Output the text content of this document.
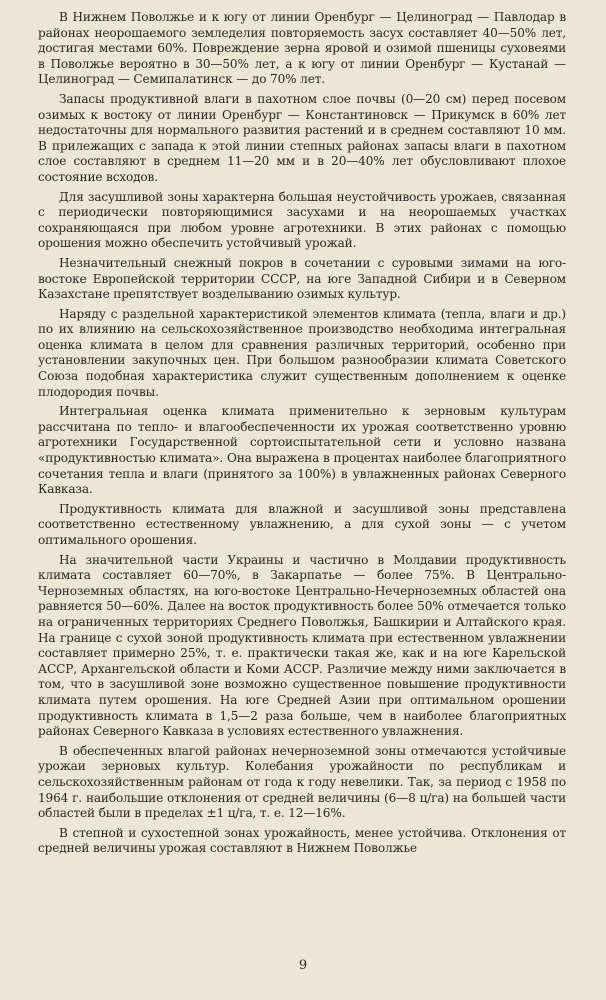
В Нижнем Поволжье и к югу от линии Оренбург — Целиноград — Павлодар в районах неорошаемого земледелия повторяемость засух составляет 40—50% лет, достигая местами 60%. Повреждение зерна яровой и озимой пшеницы суховеями в Поволжье вероятно в 30—50% лет, а к югу от линии Оренбург — Кустанай — Целиноград — Семипалатинск — до 70% лет.

Запасы продуктивной влаги в пахотном слое почвы (0—20 см) перед посевом озимых к востоку от линии Оренбург — Константиновск — Прикумск в 60% лет недостаточны для нормального развития растений и в среднем составляют 10 мм. В прилежащих с запада к этой линии степных районах запасы влаги в пахотном слое составляют в среднем 11—20 мм и в 20—40% лет обусловливают плохое состояние всходов.

Для засушливой зоны характерна большая неустойчивость урожаев, связанная с периодически повторяющимися засухами и на неорошаемых участках сохраняющаяся при любом уровне агротехники. В этих районах с помощью орошения можно обеспечить устойчивый урожай.

Незначительный снежный покров в сочетании с суровыми зимами на юго-востоке Европейской территории СССР, на юге Западной Сибири и в Северном Казахстане препятствует возделыванию озимых культур.

Наряду с раздельной характеристикой элементов климата (тепла, влаги и др.) по их влиянию на сельскохозяйственное производство необходима интегральная оценка климата в целом для сравнения различных территорий, особенно при установлении закупочных цен. При большом разнообразии климата Советского Союза подобная характеристика служит существенным дополнением к оценке плодородия почвы.

Интегральная оценка климата применительно к зерновым культурам рассчитана по тепло- и влагообеспеченности их урожая соответственно уровню агротехники Государственной сортоиспытательной сети и условно названа «продуктивностью климата». Она выражена в процентах наиболее благоприятного сочетания тепла и влаги (принятого за 100%) в увлажненных районах Северного Кавказа.

Продуктивность климата для влажной и засушливой зоны представлена соответственно естественному увлажнению, а для сухой зоны — с учетом оптимального орошения.

На значительной части Украины и частично в Молдавии продуктивность климата составляет 60—70%, в Закарпатье — более 75%. В Центрально-Черноземных областях, на юго-востоке Центрально-Нечерноземных областей она равняется 50—60%. Далее на восток продуктивность более 50% отмечается только на ограниченных территориях Среднего Поволжья, Башкирии и Алтайского края. На границе с сухой зоной продуктивность климата при естественном увлажнении составляет примерно 25%, т. е. практически такая же, как и на юге Карельской АССР, Архангельской области и Коми АССР. Различие между ними заключается в том, что в засушливой зоне возможно существенное повышение продуктивности климата путем орошения. На юге Средней Азии при оптимальном орошении продуктивность климата в 1,5—2 раза больше, чем в наиболее благоприятных районах Северного Кавказа в условиях естественного увлажнения.

В обеспеченных влагой районах нечерноземной зоны отмечаются устойчивые урожаи зерновых культур. Колебания урожайности по республикам и сельскохозяйственным районам от года к году невелики. Так, за период с 1958 по 1964 г. наибольшие отклонения от средней величины (6—8 ц/га) на большей части областей были в пределах ±1 ц/га, т. е. 12—16%.

В степной и сухостепной зонах урожайность, менее устойчива. Отклонения от средней величины урожая составляют в Нижнем Поволжье

9
